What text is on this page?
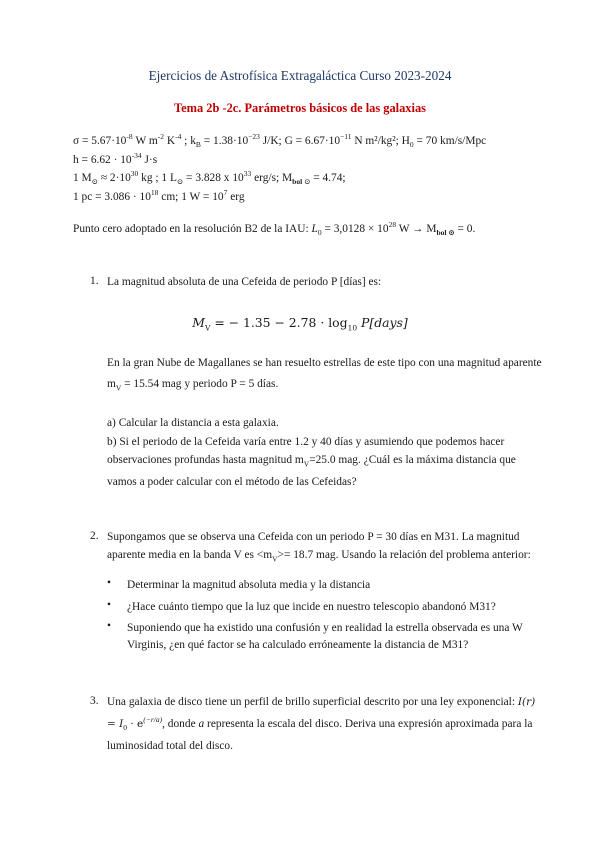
Ejercicios de Astrofísica Extragaláctica Curso 2023-2024
Tema 2b -2c. Parámetros básicos de las galaxias
$\sigma = 5.67\cdot 10^{-8}$ W $m^{-2}$ $K^{-4}$ ; $k_B = 1.38\cdot 10^{-23}$ J/K; $G = 6.67\cdot 10^{-11}$ N m²/kg²; $H_0 = 70$ km/s/Mpc
$h = 6.62 \cdot 10^{-34}$ J·s
1 $M_⊙ \approx 2\cdot 10^{30}$ kg ; 1 $L_⊙ = 3.828$ x $10^{33}$ erg/s; $M_{bol ⊙} = 4.74$;
1 pc = $3.086 \cdot 10^{18}$ cm; 1 $W = 10^7$ erg
Punto cero adoptado en la resolución B2 de la IAU: $L_0 = 3,0128 \times 10^{28}$ $W \to M_{bol ⊙} = 0$.
1. La magnitud absoluta de una Cefeida de periodo P [días] es:
$M_V$ = − $1.35 - 2.78 \cdot \log_{10}$ P[days]
En la gran Nube de Magallanes se han resuelto estrellas de este tipo con una magnitud aparente $m_V = 15.54$ mag y periodo P = 5 días.
a) Calcular la distancia a esta galaxia.
b) Si el periodo de la Cefeida varía entre 1.2 y 40 días y asumiendo que podemos hacer observaciones profundas hasta magnitud $m_V=25.0$ mag. ¿Cuál es la máxima distancia que vamos a poder calcular con el método de las Cefeidas?
2. Supongamos que se observa una Cefeida con un periodo P = 30 días en M31. La magnitud aparente media en la banda V es $<m_V>= 18.7$ mag. Usando la relación del problema anterior:
• Determinar la magnitud absoluta media y la distancia
• ¿Hace cuánto tiempo que la luz que incide en nuestro telescopio abandonó M31?
• Suponiendo que ha existido una confusión y en realidad la estrella observada es una W Virginis, ¿en qué factor se ha calculado erróneamente la distancia de M31?
3. Una galaxia de disco tiene un perfil de brillo superficial descrito por una ley exponencial: $I(r) = I_0 \cdot e^{(-r/a)}$, donde a representa la escala del disco. Deriva una expresión aproximada para la luminosidad total del disco.
